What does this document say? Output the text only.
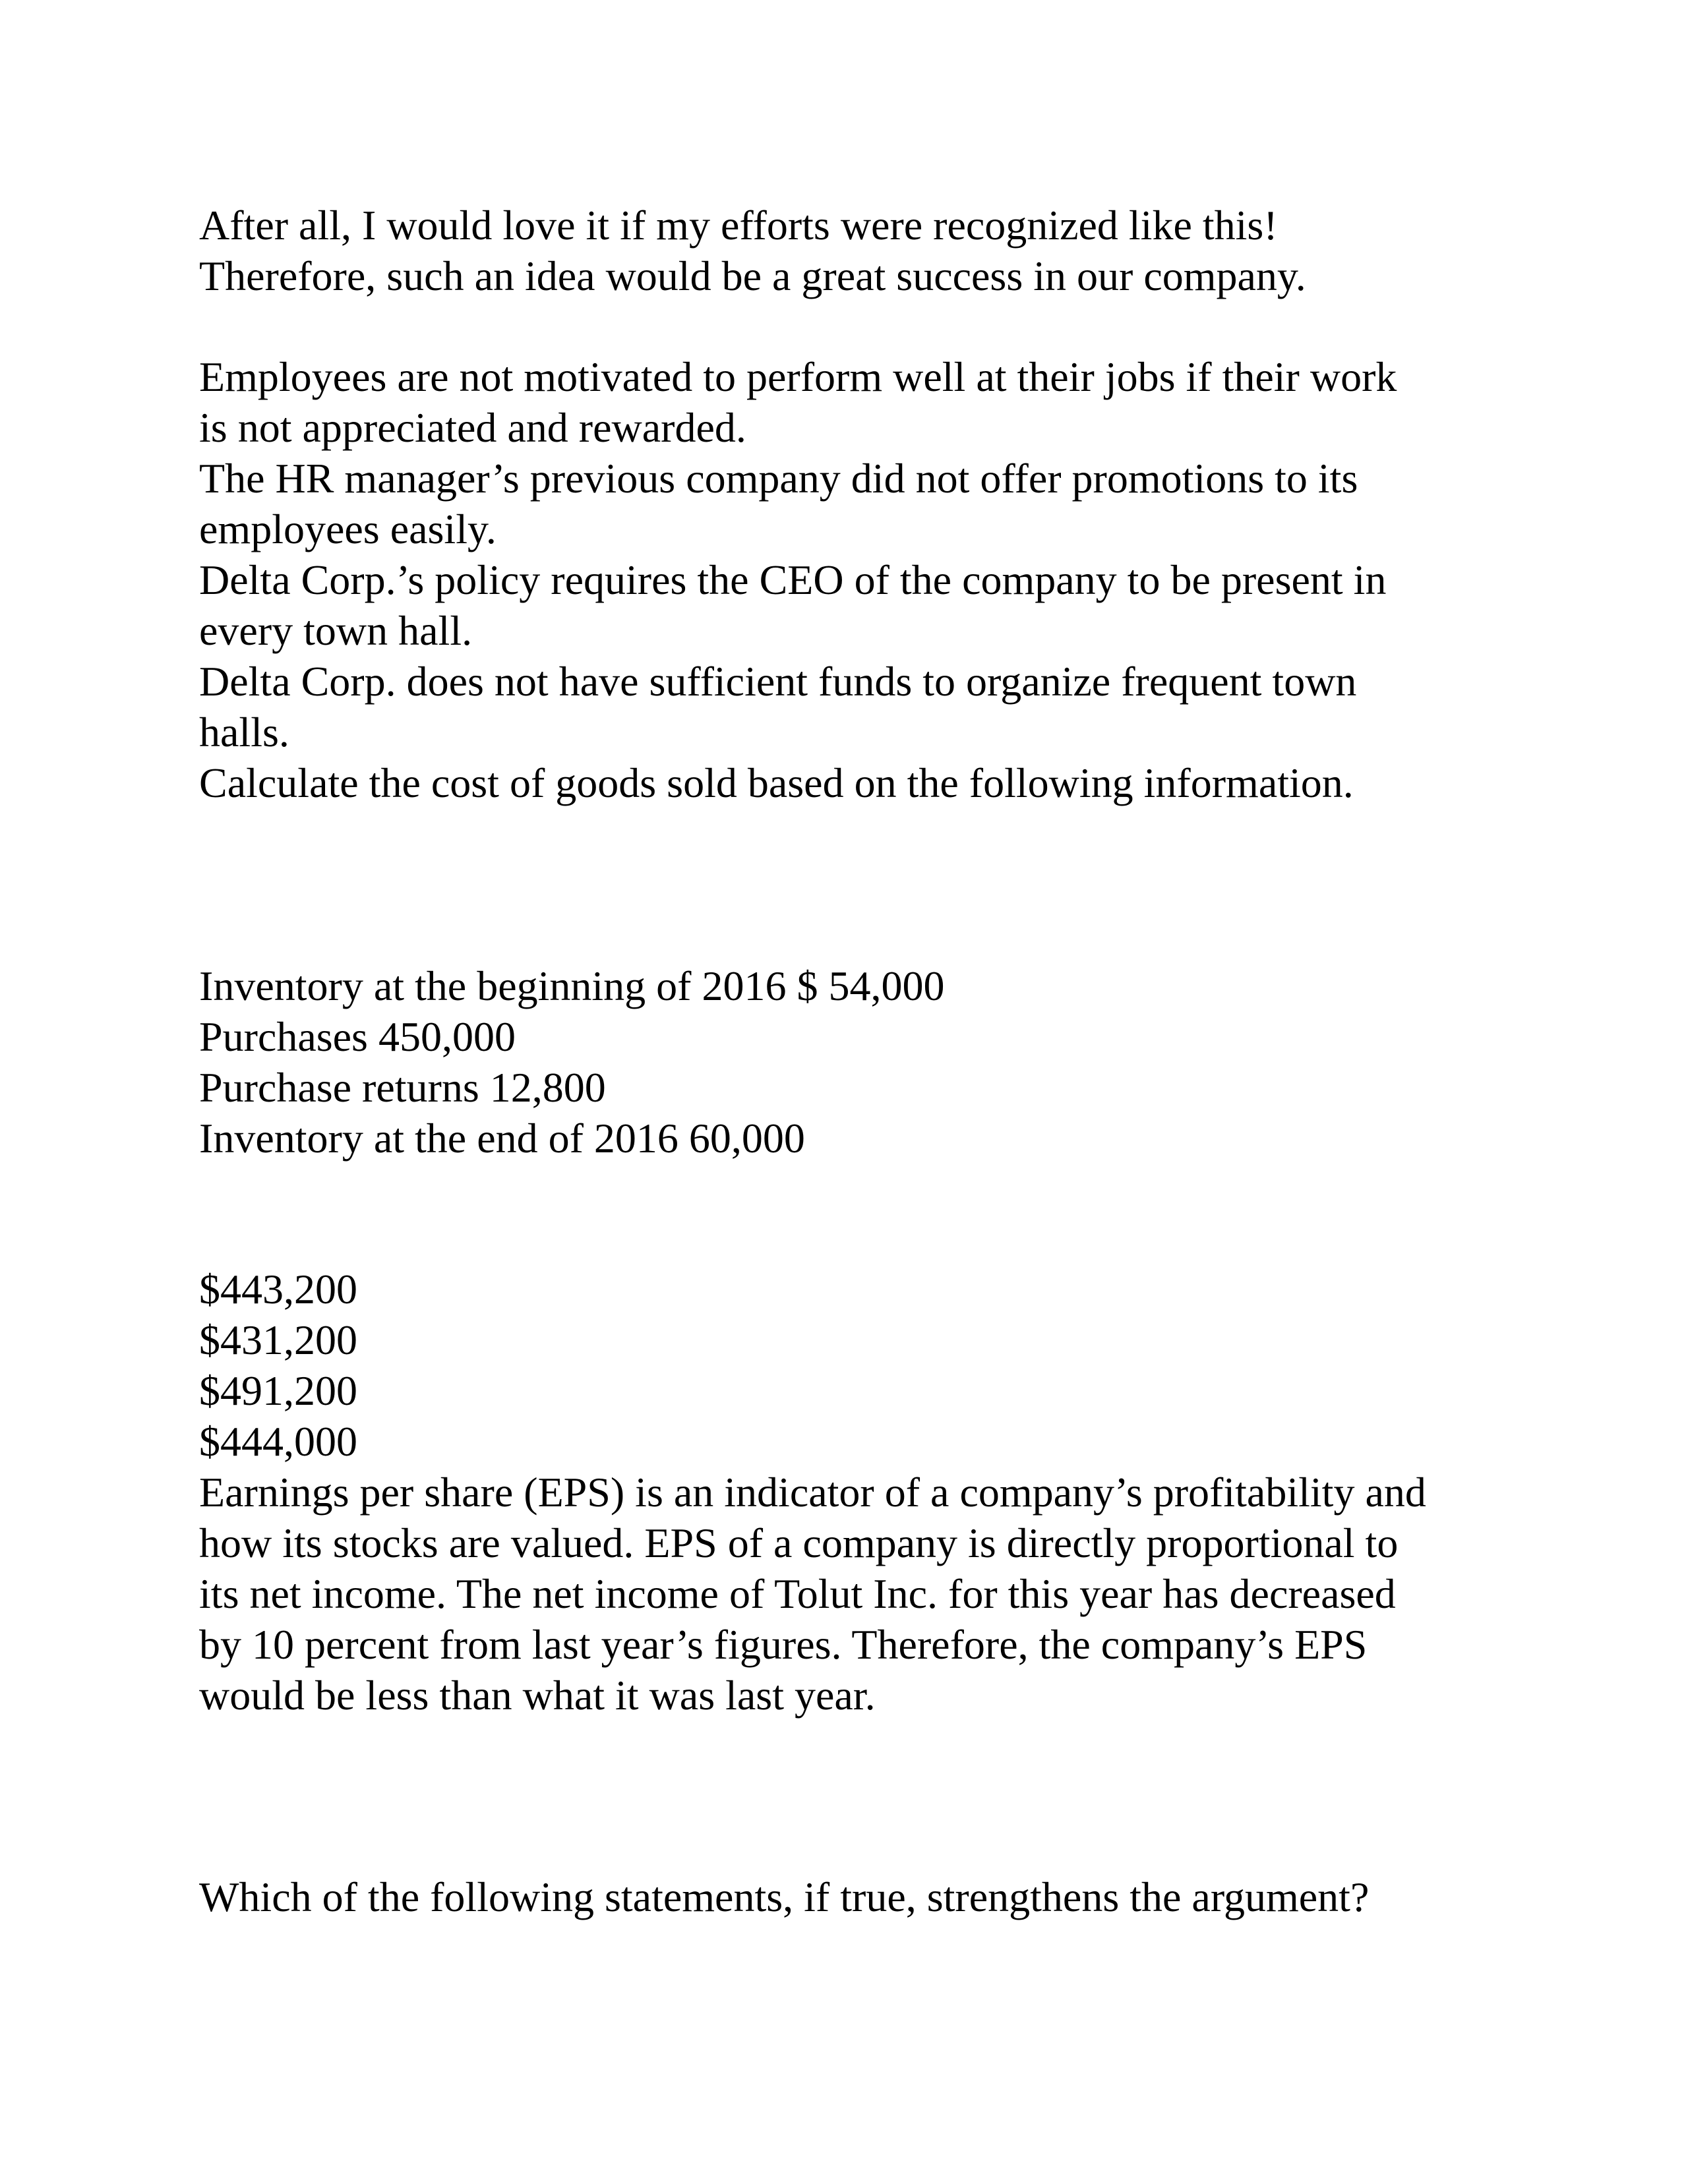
After all, I would love it if my efforts were recognized like this!
Therefore, such an idea would be a great success in our company.
Employees are not motivated to perform well at their jobs if their work
is not appreciated and rewarded.
The HR manager’s previous company did not offer promotions to its
employees easily.
Delta Corp.’s policy requires the CEO of the company to be present in
every town hall.
Delta Corp. does not have sufficient funds to organize frequent town
halls.
Calculate the cost of goods sold based on the following information.
Inventory at the beginning of 2016 $ 54,000
Purchases 450,000
Purchase returns 12,800
Inventory at the end of 2016 60,000
$443,200
$431,200
$491,200
$444,000
Earnings per share (EPS) is an indicator of a company’s profitability and
how its stocks are valued. EPS of a company is directly proportional to
its net income. The net income of Tolut Inc. for this year has decreased
by 10 percent from last year’s figures. Therefore, the company’s EPS
would be less than what it was last year.
Which of the following statements, if true, strengthens the argument?
